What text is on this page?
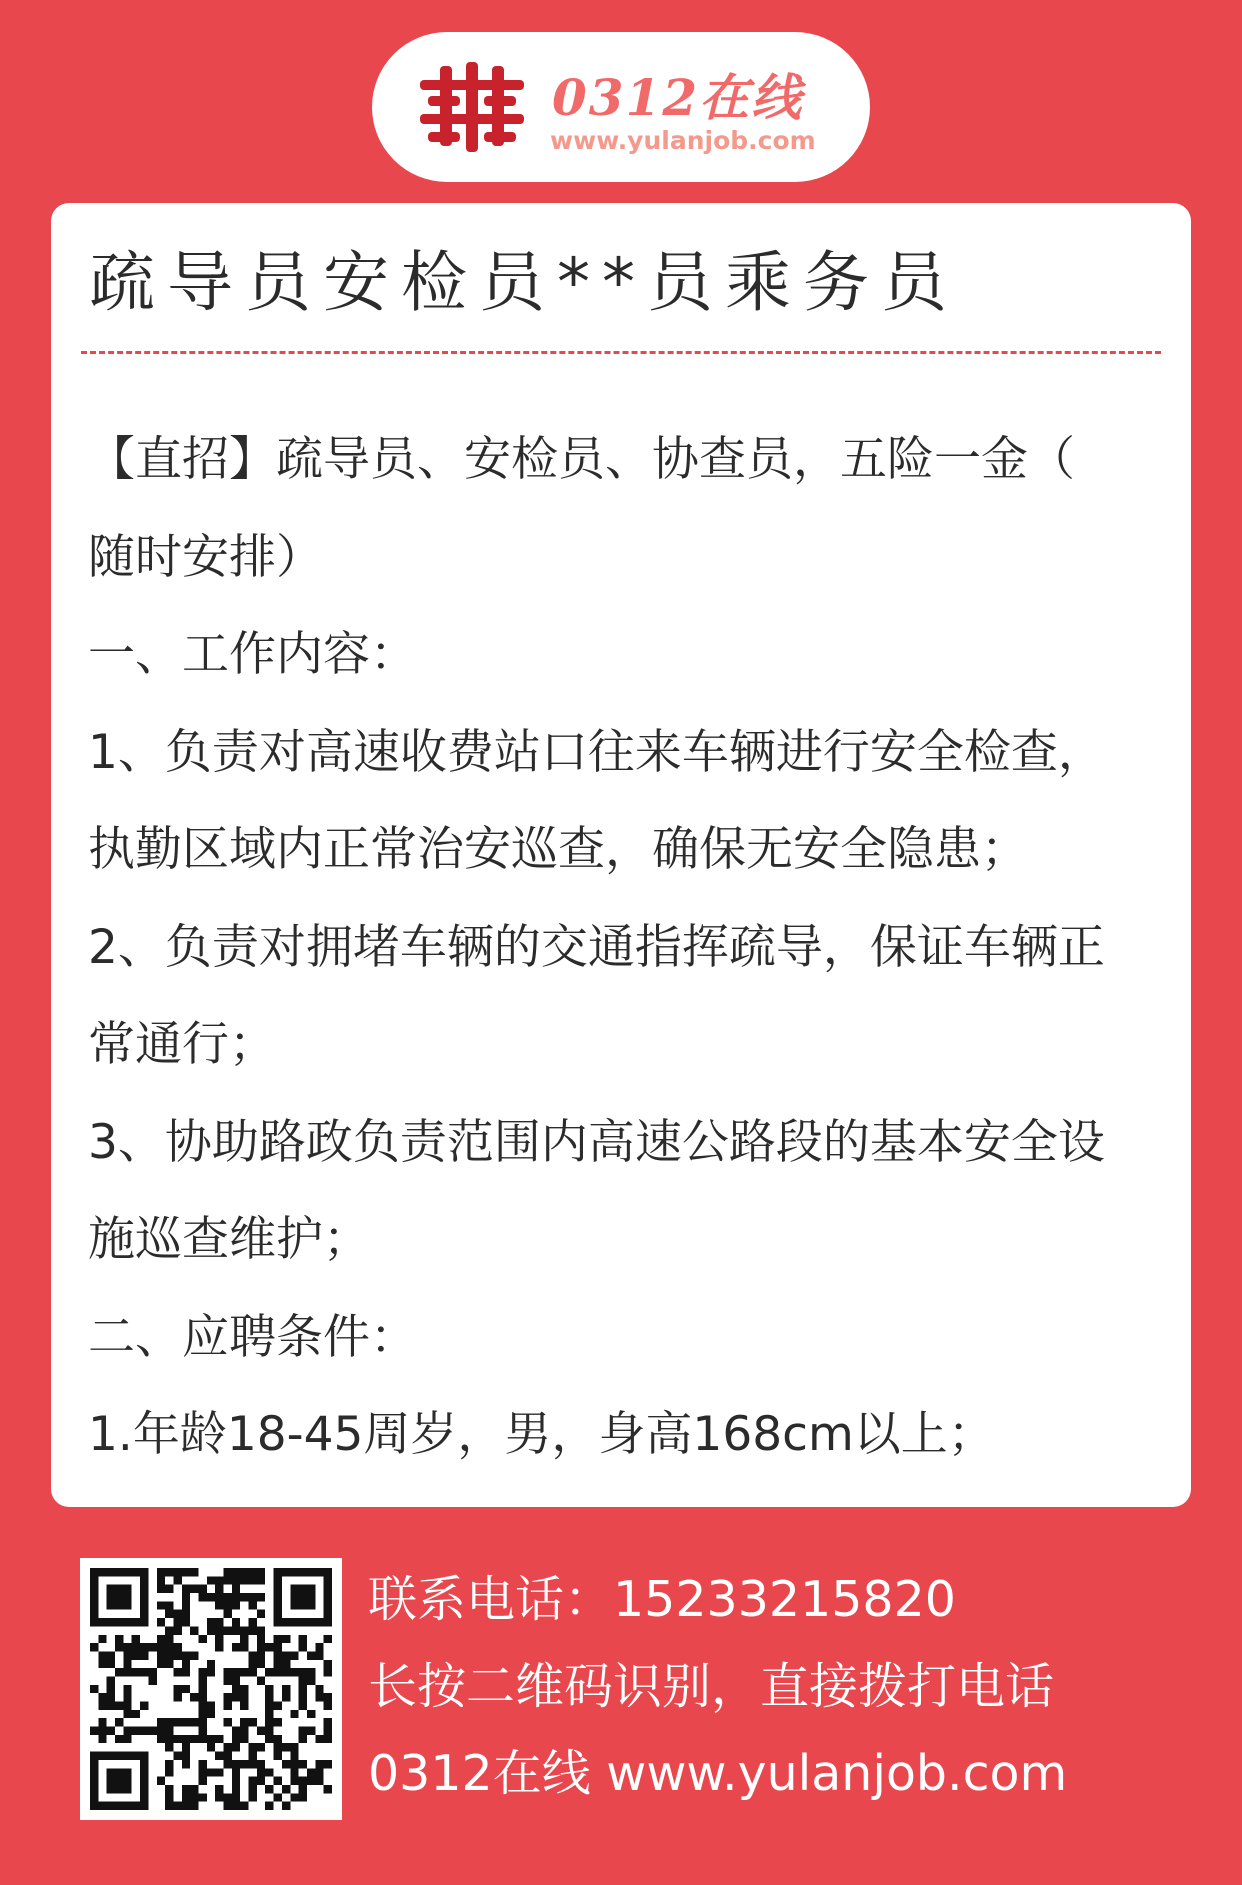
0312在线
www.yulanjob.com
疏导员安检员**员乘务员

【直招】疏导员、安检员、协查员，五险一金（

随时安排）

一、工作内容：

1、负责对高速收费站口往来车辆进行安全检查，

执勤区域内正常治安巡查，确保无安全隐患；

2、负责对拥堵车辆的交通指挥疏导，保证车辆正

常通行；

3、协助路政负责范围内高速公路段的基本安全设

施巡查维护；

二、应聘条件：

1.年龄18-45周岁，男，身高168cm以上；

联系电话：15233215820
长按二维码识别，直接拨打电话
0312在线 www.yulanjob.com
